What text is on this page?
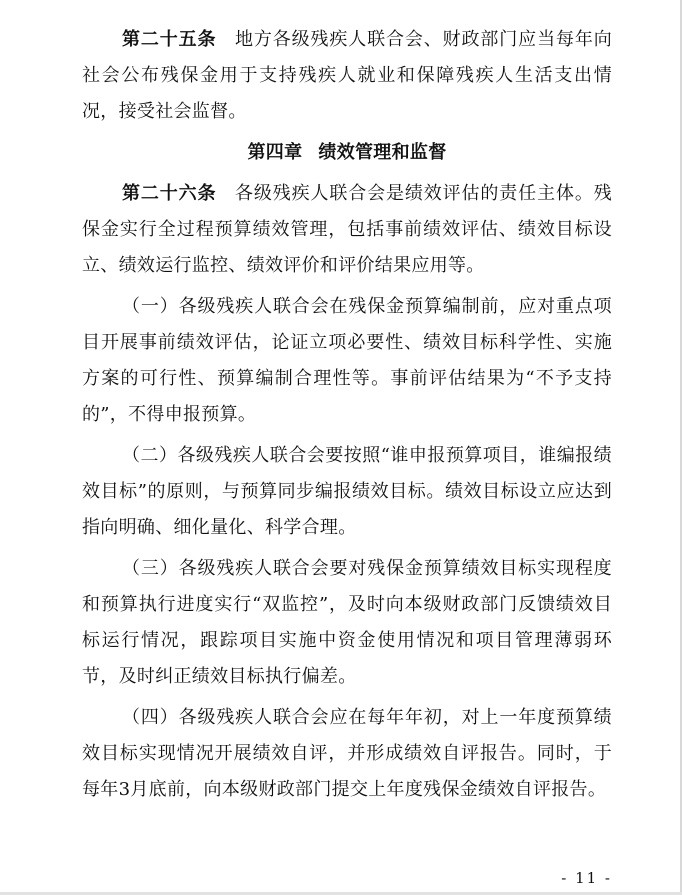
第二十五条 地方各级残疾人联合会、财政部门应当每年向社会公布残保金用于支持残疾人就业和保障残疾人生活支出情况，接受社会监督。

第四章 绩效管理和监督

第二十六条 各级残疾人联合会是绩效评估的责任主体。残保金实行全过程预算绩效管理，包括事前绩效评估、绩效目标设立、绩效运行监控、绩效评价和评价结果应用等。

（一）各级残疾人联合会在残保金预算编制前，应对重点项目开展事前绩效评估，论证立项必要性、绩效目标科学性、实施方案的可行性、预算编制合理性等。事前评估结果为“不予支持的”，不得申报预算。

（二）各级残疾人联合会要按照“谁申报预算项目，谁编报绩效目标”的原则，与预算同步编报绩效目标。绩效目标设立应达到指向明确、细化量化、科学合理。

（三）各级残疾人联合会要对残保金预算绩效目标实现程度和预算执行进度实行“双监控”，及时向本级财政部门反馈绩效目标运行情况，跟踪项目实施中资金使用情况和项目管理薄弱环节，及时纠正绩效目标执行偏差。

（四）各级残疾人联合会应在每年年初，对上一年度预算绩效目标实现情况开展绩效自评，并形成绩效自评报告。同时，于每年3月底前，向本级财政部门提交上年度残保金绩效自评报告。

- 11 -
